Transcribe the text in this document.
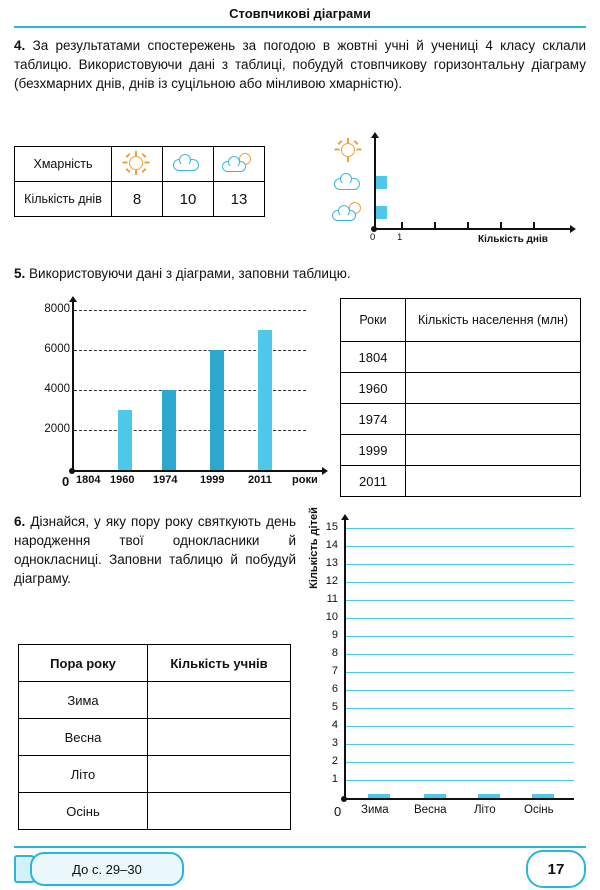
Стовпчикові діаграми
4. За результатами спостережень за погодою в жовтні учні й учениці 4 класу склали таблицю. Використовуючи дані з таблиці, побудуй стовпчикову горизонтальну діаграму (безхмарних днів, днів із суцільною або мінливою хмарністю).
Хмарність	

Кількість днів	8	10	13
0 1	Кількість днів
5. Використовуючи дані з діаграми, заповни таблицю.
8000
6000
4000
2000
0 1804 1960 1974 1999 2011 роки
Роки	Кількість населення (млн)
1804	
1960	
1974	
1999	
2011	
6. Дізнайся, у яку пору року святкують день народження твої однокласники й однокласниці. Заповни таблицю й побудуй діаграму.
Пора року	Кількість учнів
Зима	
Весна	
Літо	
Осінь	
Кількість дітей 15
14
13
12
11
10
9
8
7
6
5
4
3
2
1
0 Зима Весна Літо Осінь
До с. 29–30	17
